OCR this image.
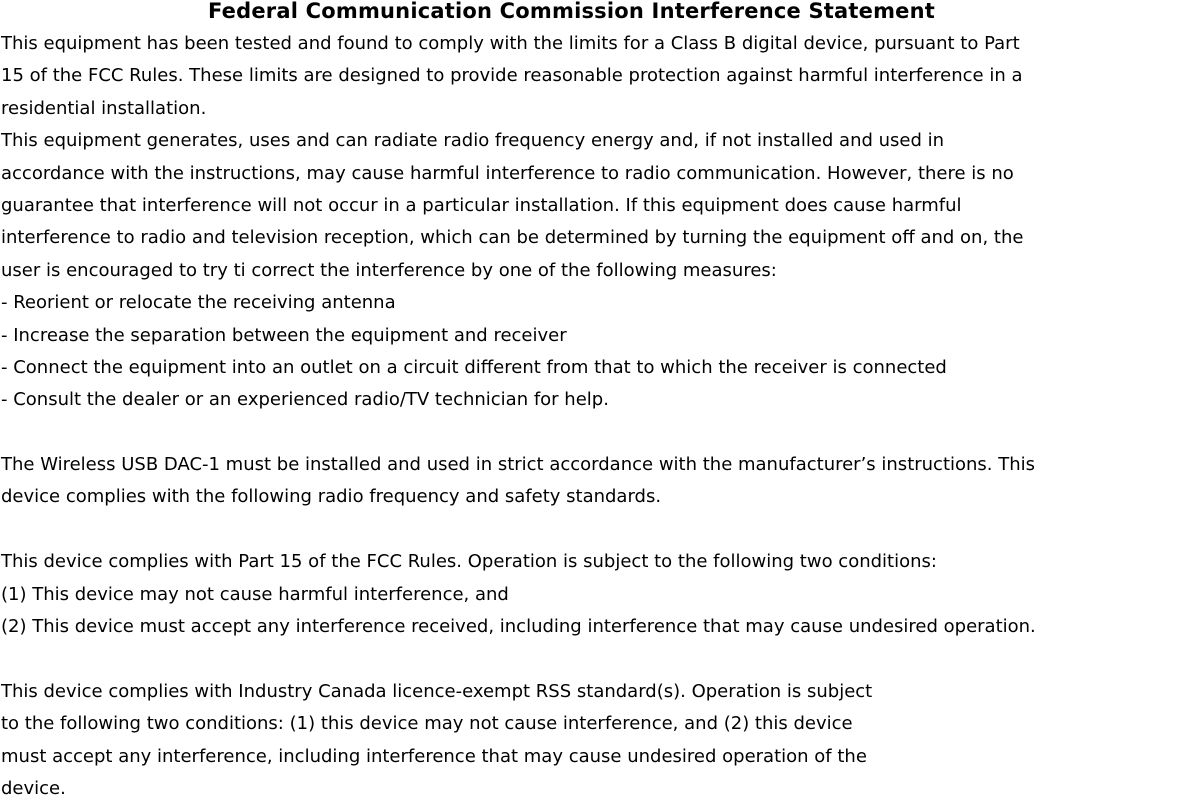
Federal Communication Commission Interference Statement
This equipment has been tested and found to comply with the limits for a Class B digital device, pursuant to Part
15 of the FCC Rules. These limits are designed to provide reasonable protection against harmful interference in a
residential installation.
This equipment generates, uses and can radiate radio frequency energy and, if not installed and used in
accordance with the instructions, may cause harmful interference to radio communication. However, there is no
guarantee that interference will not occur in a particular installation. If this equipment does cause harmful
interference to radio and television reception, which can be determined by turning the equipment off and on, the
user is encouraged to try ti correct the interference by one of the following measures:
- Reorient or relocate the receiving antenna
- Increase the separation between the equipment and receiver
- Connect the equipment into an outlet on a circuit different from that to which the receiver is connected
- Consult the dealer or an experienced radio/TV technician for help.
The Wireless USB DAC-1 must be installed and used in strict accordance with the manufacturer’s instructions. This
device complies with the following radio frequency and safety standards.
This device complies with Part 15 of the FCC Rules. Operation is subject to the following two conditions:
(1) This device may not cause harmful interference, and
(2) This device must accept any interference received, including interference that may cause undesired operation.
This device complies with Industry Canada licence-exempt RSS standard(s). Operation is subject
to the following two conditions: (1) this device may not cause interference, and (2) this device
must accept any interference, including interference that may cause undesired operation of the
device.
